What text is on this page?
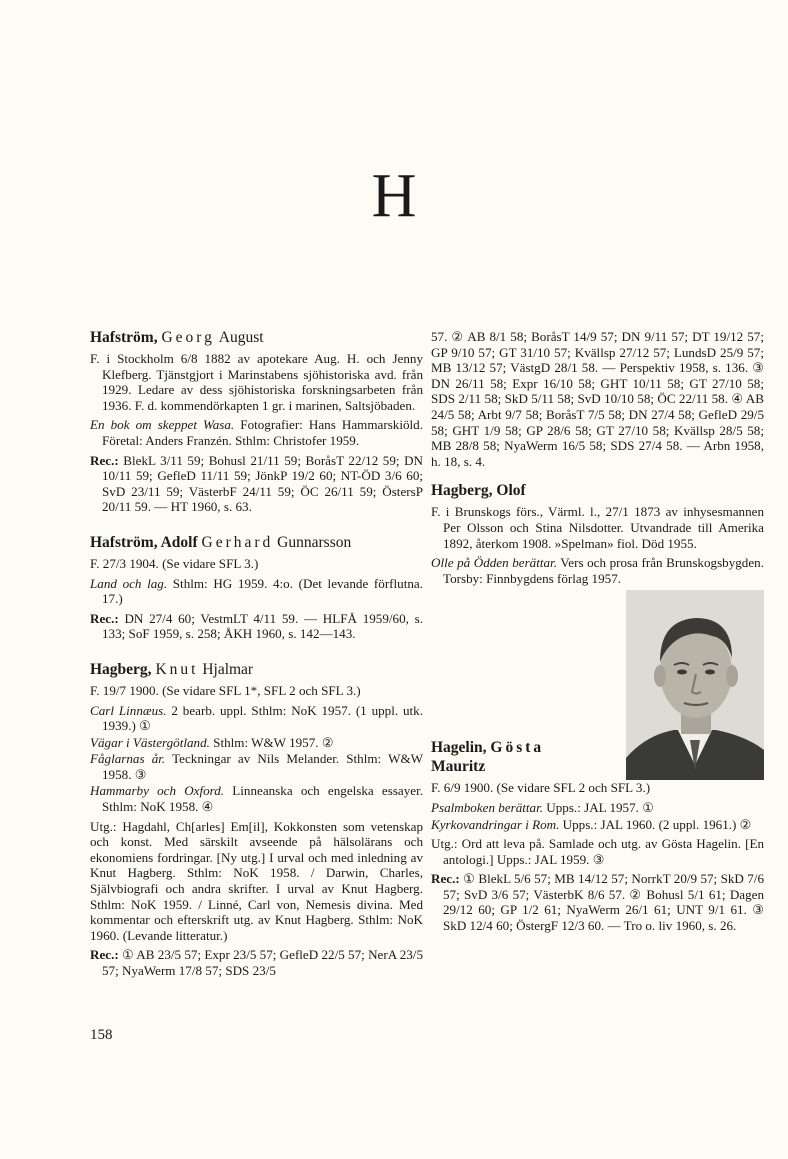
H
Hafström, Georg August
F. i Stockholm 6/8 1882 av apotekare Aug. H. och Jenny Klefberg. Tjänstgjort i Marinstabens sjöhistoriska avd. från 1929. Ledare av dess sjöhistoriska forskningsarbeten från 1936. F. d. kommendörkapten 1 gr. i marinen, Saltsjöbaden.
En bok om skeppet Wasa. Fotografier: Hans Hammarskiöld. Företal: Anders Franzén. Sthlm: Christofer 1959.
Rec.: BlekL 3/11 59; Bohusl 21/11 59; BoråsT 22/12 59; DN 10/11 59; GefleD 11/11 59; JönkP 19/2 60; NT-ÖD 3/6 60; SvD 23/11 59; VästerbF 24/11 59; ÖC 26/11 59; ÖstersP 20/11 59. — HT 1960, s. 63.
Hafström, Adolf Gerhard Gunnarsson
F. 27/3 1904. (Se vidare SFL 3.)
Land och lag. Sthlm: HG 1959. 4:o. (Det levande förflutna. 17.)
Rec.: DN 27/4 60; VestmLT 4/11 59. — HLFÅ 1959/60, s. 133; SoF 1959, s. 258; ÅKH 1960, s. 142—143.
Hagberg, Knut Hjalmar
F. 19/7 1900. (Se vidare SFL 1*, SFL 2 och SFL 3.)
Carl Linnæus. 2 bearb. uppl. Sthlm: NoK 1957. (1 uppl. utk. 1939.) ①
Vägar i Västergötland. Sthlm: W&W 1957. ②
Fåglarnas år. Teckningar av Nils Melander. Sthlm: W&W 1958. ③
Hammarby och Oxford. Linneanska och engelska essayer. Sthlm: NoK 1958. ④
Utg.: Hagdahl, Ch[arles] Em[il], Kokkonsten som vetenskap och konst. Med särskilt avseende på hälsolärans och ekonomiens fordringar. [Ny utg.] I urval och med inledning av Knut Hagberg. Sthlm: NoK 1958. / Darwin, Charles, Självbiografi och andra skrifter. I urval av Knut Hagberg. Sthlm: NoK 1959. / Linné, Carl von, Nemesis divina. Med kommentar och efterskrift utg. av Knut Hagberg. Sthlm: NoK 1960. (Levande litteratur.)
Rec.: ① AB 23/5 57; Expr 23/5 57; GefleD 22/5 57; NerA 23/5 57; NyaWerm 17/8 57; SDS 23/5
57. ② AB 8/1 58; BoråsT 14/9 57; DN 9/11 57; DT 19/12 57; GP 9/10 57; GT 31/10 57; Kvällsp 27/12 57; LundsD 25/9 57; MB 13/12 57; VästgD 28/1 58. — Perspektiv 1958, s. 136. ③ DN 26/11 58; Expr 16/10 58; GHT 10/11 58; GT 27/10 58; SDS 2/11 58; SkD 5/11 58; SvD 10/10 58; ÖC 22/11 58. ④ AB 24/5 58; Arbt 9/7 58; BoråsT 7/5 58; DN 27/4 58; GefleD 29/5 58; GHT 1/9 58; GP 28/6 58; GT 27/10 58; Kvällsp 28/5 58; MB 28/8 58; NyaWerm 16/5 58; SDS 27/4 58. — Arbn 1958, h. 18, s. 4.
Hagberg, Olof
F. i Brunskogs förs., Värml. l., 27/1 1873 av inhysesmannen Per Olsson och Stina Nilsdotter. Utvandrade till Amerika 1892, återkom 1908. »Spelman» fiol. Död 1955.
Olle på Ödden berättar. Vers och prosa från Brunskogsbygden. Torsby: Finnbygdens förlag 1957.
Hagelin, Gösta
Mauritz
F. 6/9 1900. (Se vidare SFL 2 och SFL 3.)
Psalmboken berättar. Upps.: JAL 1957. ①
Kyrkovandringar i Rom. Upps.: JAL 1960. (2 uppl. 1961.) ②
Utg.: Ord att leva på. Samlade och utg. av Gösta Hagelin. [En antologi.] Upps.: JAL 1959. ③
Rec.: ① BlekL 5/6 57; MB 14/12 57; NorrkT 20/9 57; SkD 7/6 57; SvD 3/6 57; VästerbK 8/6 57. ② Bohusl 5/1 61; Dagen 29/12 60; GP 1/2 61; NyaWerm 26/1 61; UNT 9/1 61. ③ SkD 12/4 60; ÖstergF 12/3 60. — Tro o. liv 1960, s. 26.
158
